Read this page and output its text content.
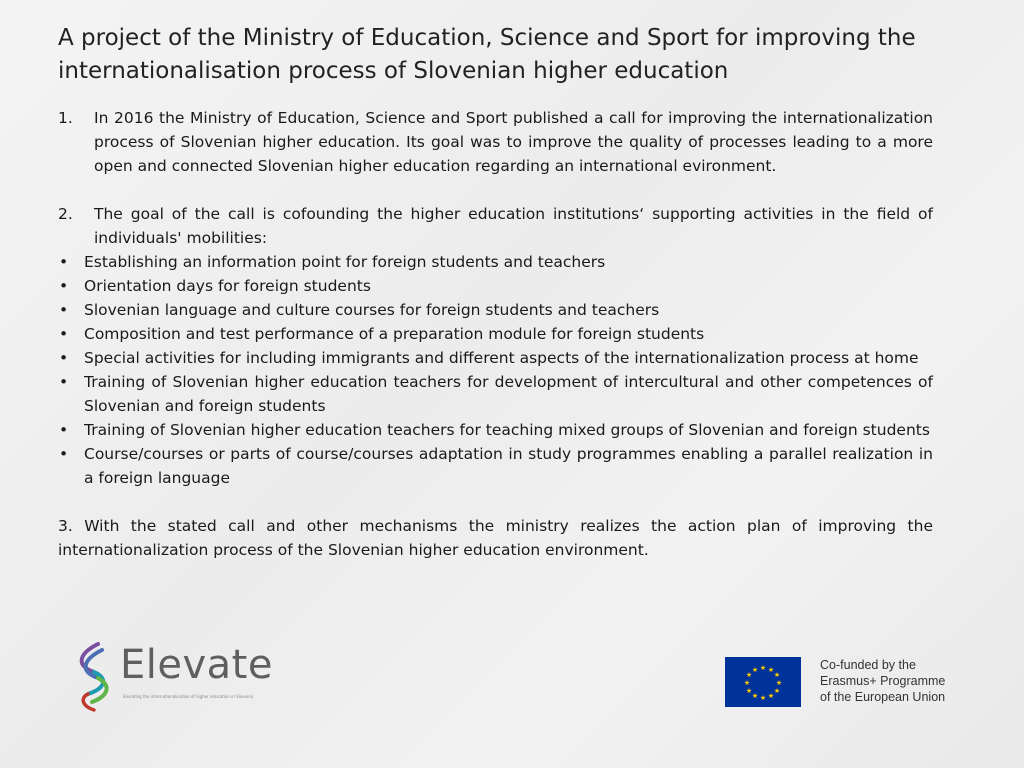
A project of the Ministry of Education, Science and Sport for improving the internationalisation process of Slovenian higher education
1. In 2016 the Ministry of Education, Science and Sport published a call for improving the internationalization process of Slovenian higher education. Its goal was to improve the quality of processes leading to a more open and connected Slovenian higher education regarding an international evironment.
2. The goal of the call is cofounding the higher education institutions‘ supporting activities in the field of individuals' mobilities:
• Establishing an information point for foreign students and teachers
• Orientation days for foreign students
• Slovenian language and culture courses for foreign students and teachers
• Composition and test performance of a preparation module for foreign students
• Special activities for including immigrants and different aspects of the internationalization process at home
• Training of Slovenian higher education teachers for development of intercultural and other competences of Slovenian and foreign students
• Training of Slovenian higher education teachers for teaching mixed groups of Slovenian and foreign students
• Course/courses or parts of course/courses adaptation in study programmes enabling a parallel realization in a foreign language
3. With the stated call and other mechanisms the ministry realizes the action plan of improving the internationalization process of the Slovenian higher education environment.
Elevate
Elevating the internationalisation of higher education in Slovenia
★ ★
★
★
★
★
★
★
★
★
★
★	Co-funded by the
Erasmus+ Programme
of the European Union
